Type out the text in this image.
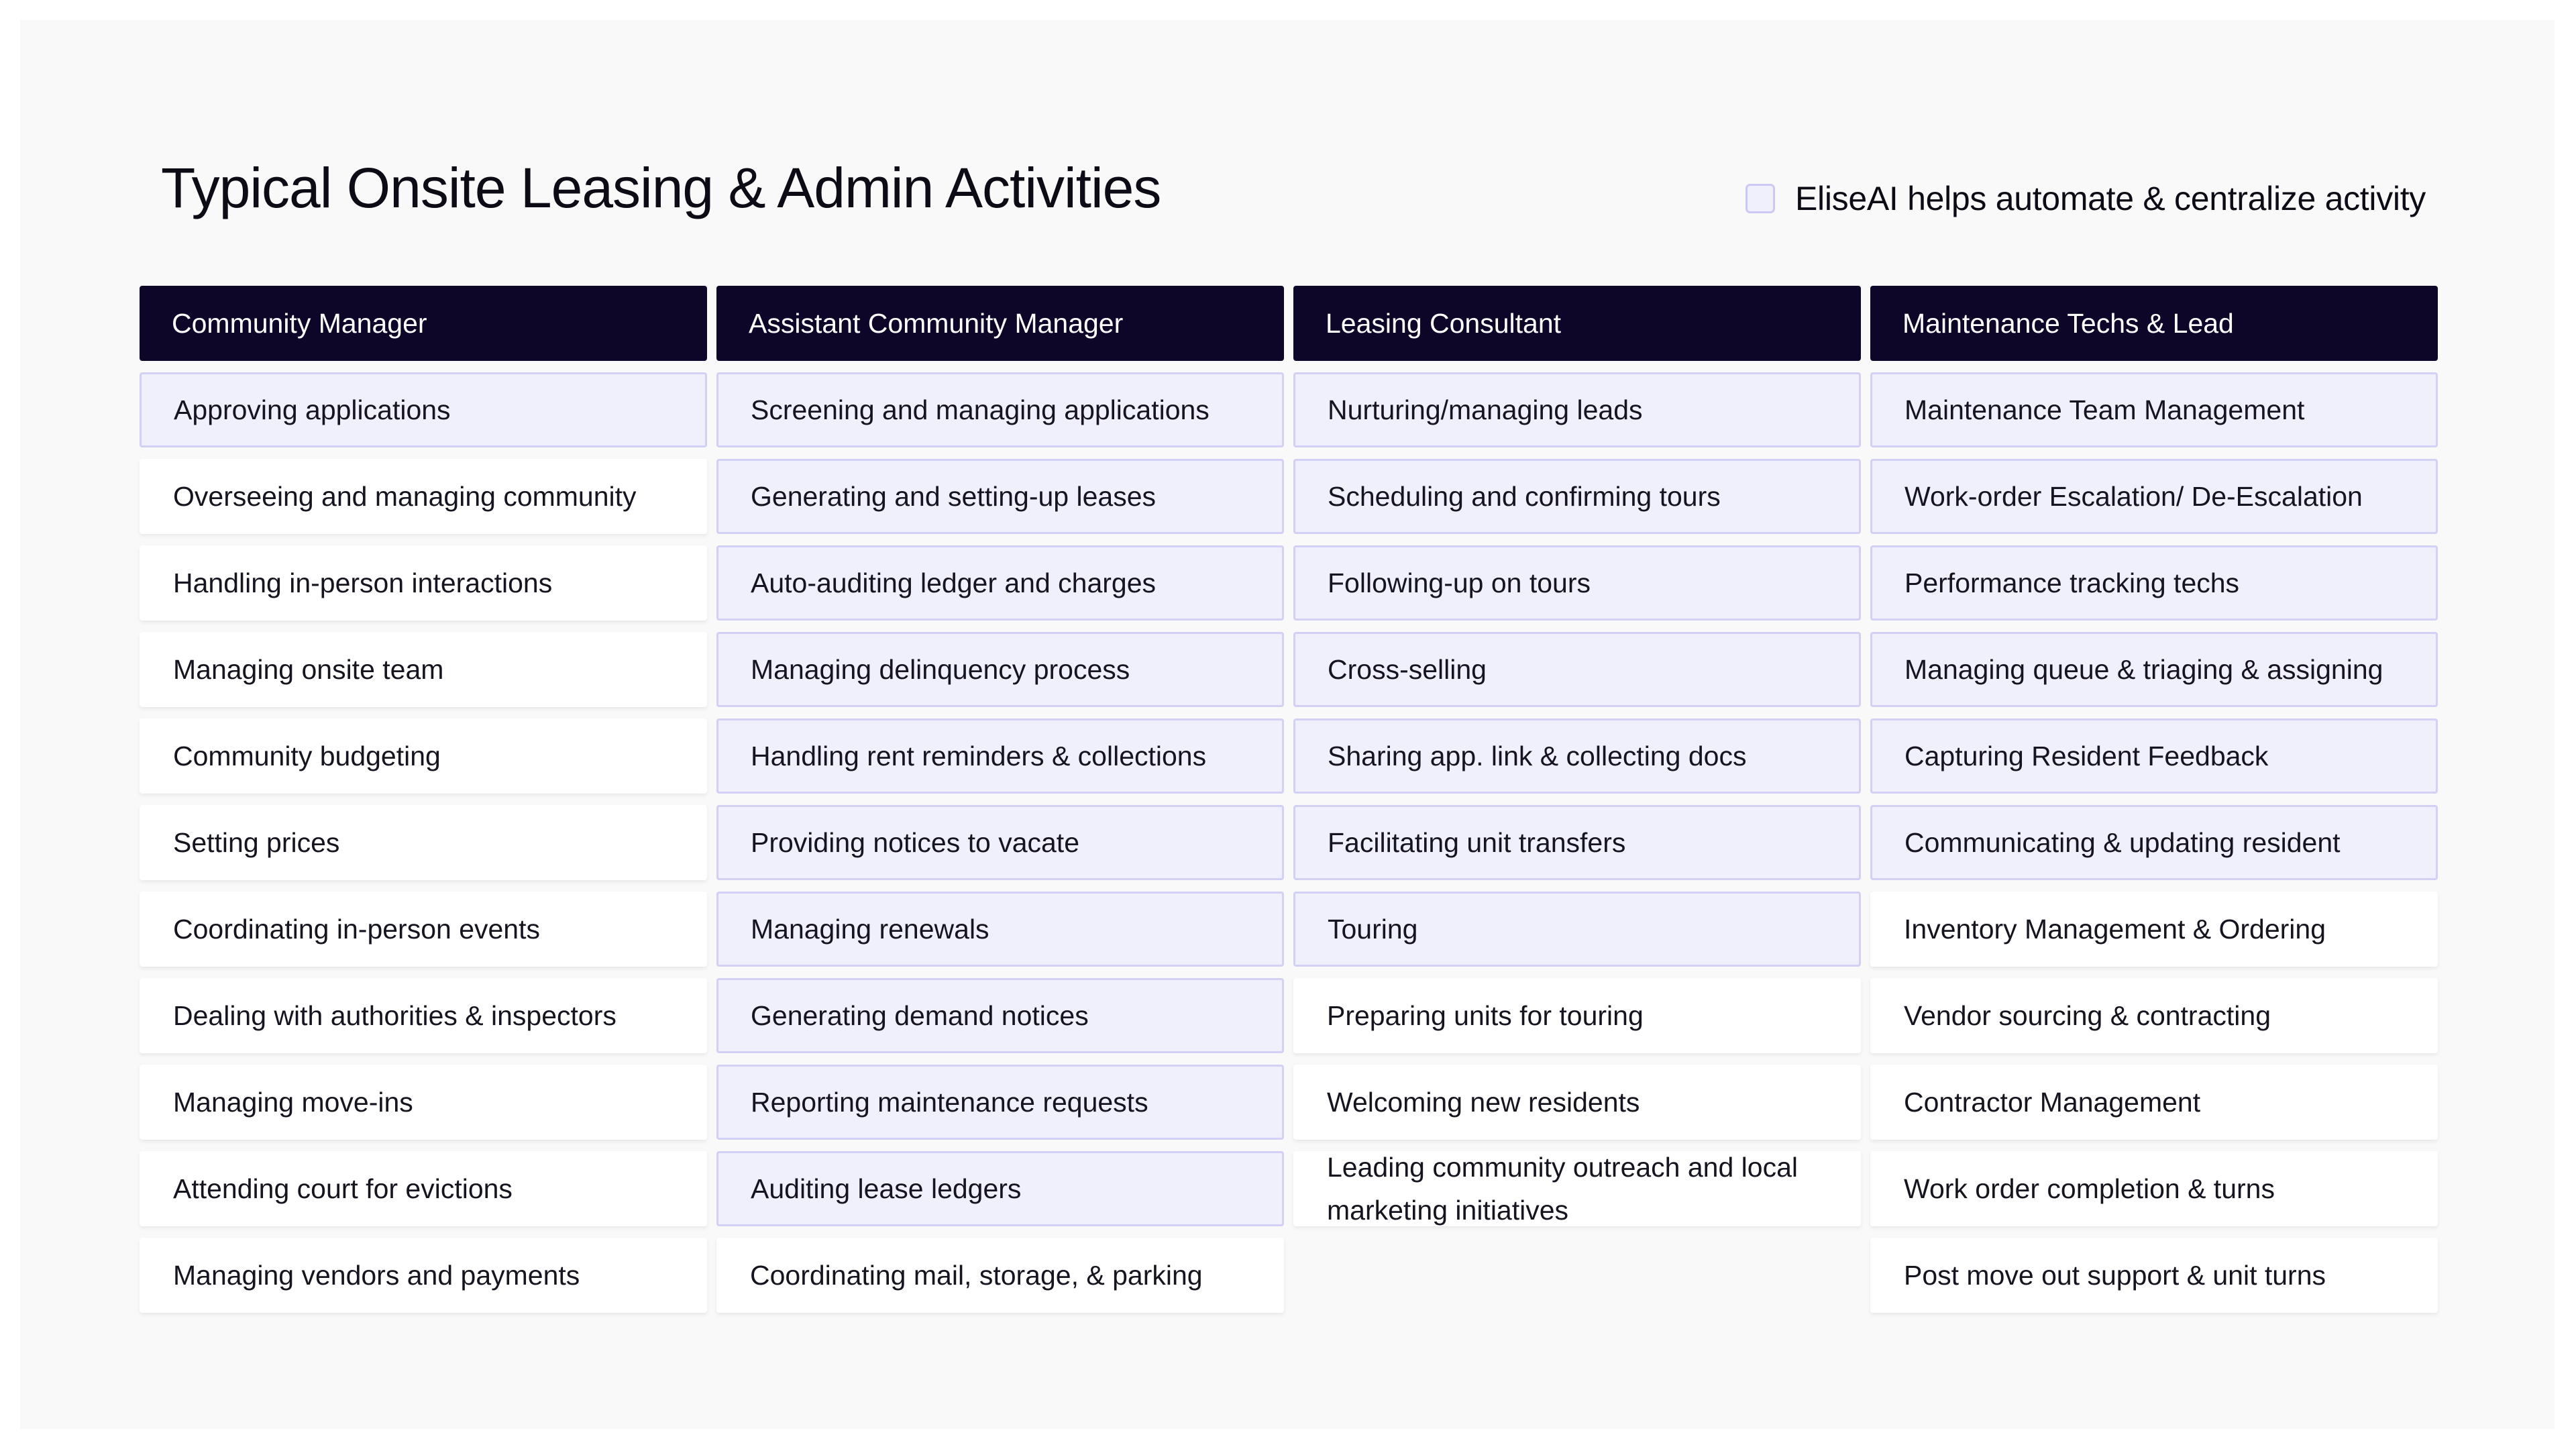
Typical Onsite Leasing & Admin Activities	EliseAI helps automate & centralize activity
Community Manager
Approving applications
Overseeing and managing community
Handling in-person interactions
Managing onsite team
Community budgeting
Setting prices
Coordinating in-person events
Dealing with authorities & inspectors
Managing move-ins
Attending court for evictions
Managing vendors and payments
Assistant Community Manager
Screening and managing applications
Generating and setting-up leases
Auto-auditing ledger and charges
Managing delinquency process
Handling rent reminders & collections
Providing notices to vacate
Managing renewals
Generating demand notices
Reporting maintenance requests
Auditing lease ledgers
Coordinating mail, storage, & parking
Leasing Consultant
Nurturing/managing leads
Scheduling and confirming tours
Following-up on tours
Cross-selling
Sharing app. link & collecting docs
Facilitating unit transfers
Touring
Preparing units for touring
Welcoming new residents
Leading community outreach and local marketing initiatives
Maintenance Techs & Lead
Maintenance Team Management
Work-order Escalation/ De-Escalation
Performance tracking techs
Managing queue & triaging & assigning
Capturing Resident Feedback
Communicating & updating resident
Inventory Management & Ordering
Vendor sourcing & contracting
Contractor Management
Work order completion & turns
Post move out support & unit turns
